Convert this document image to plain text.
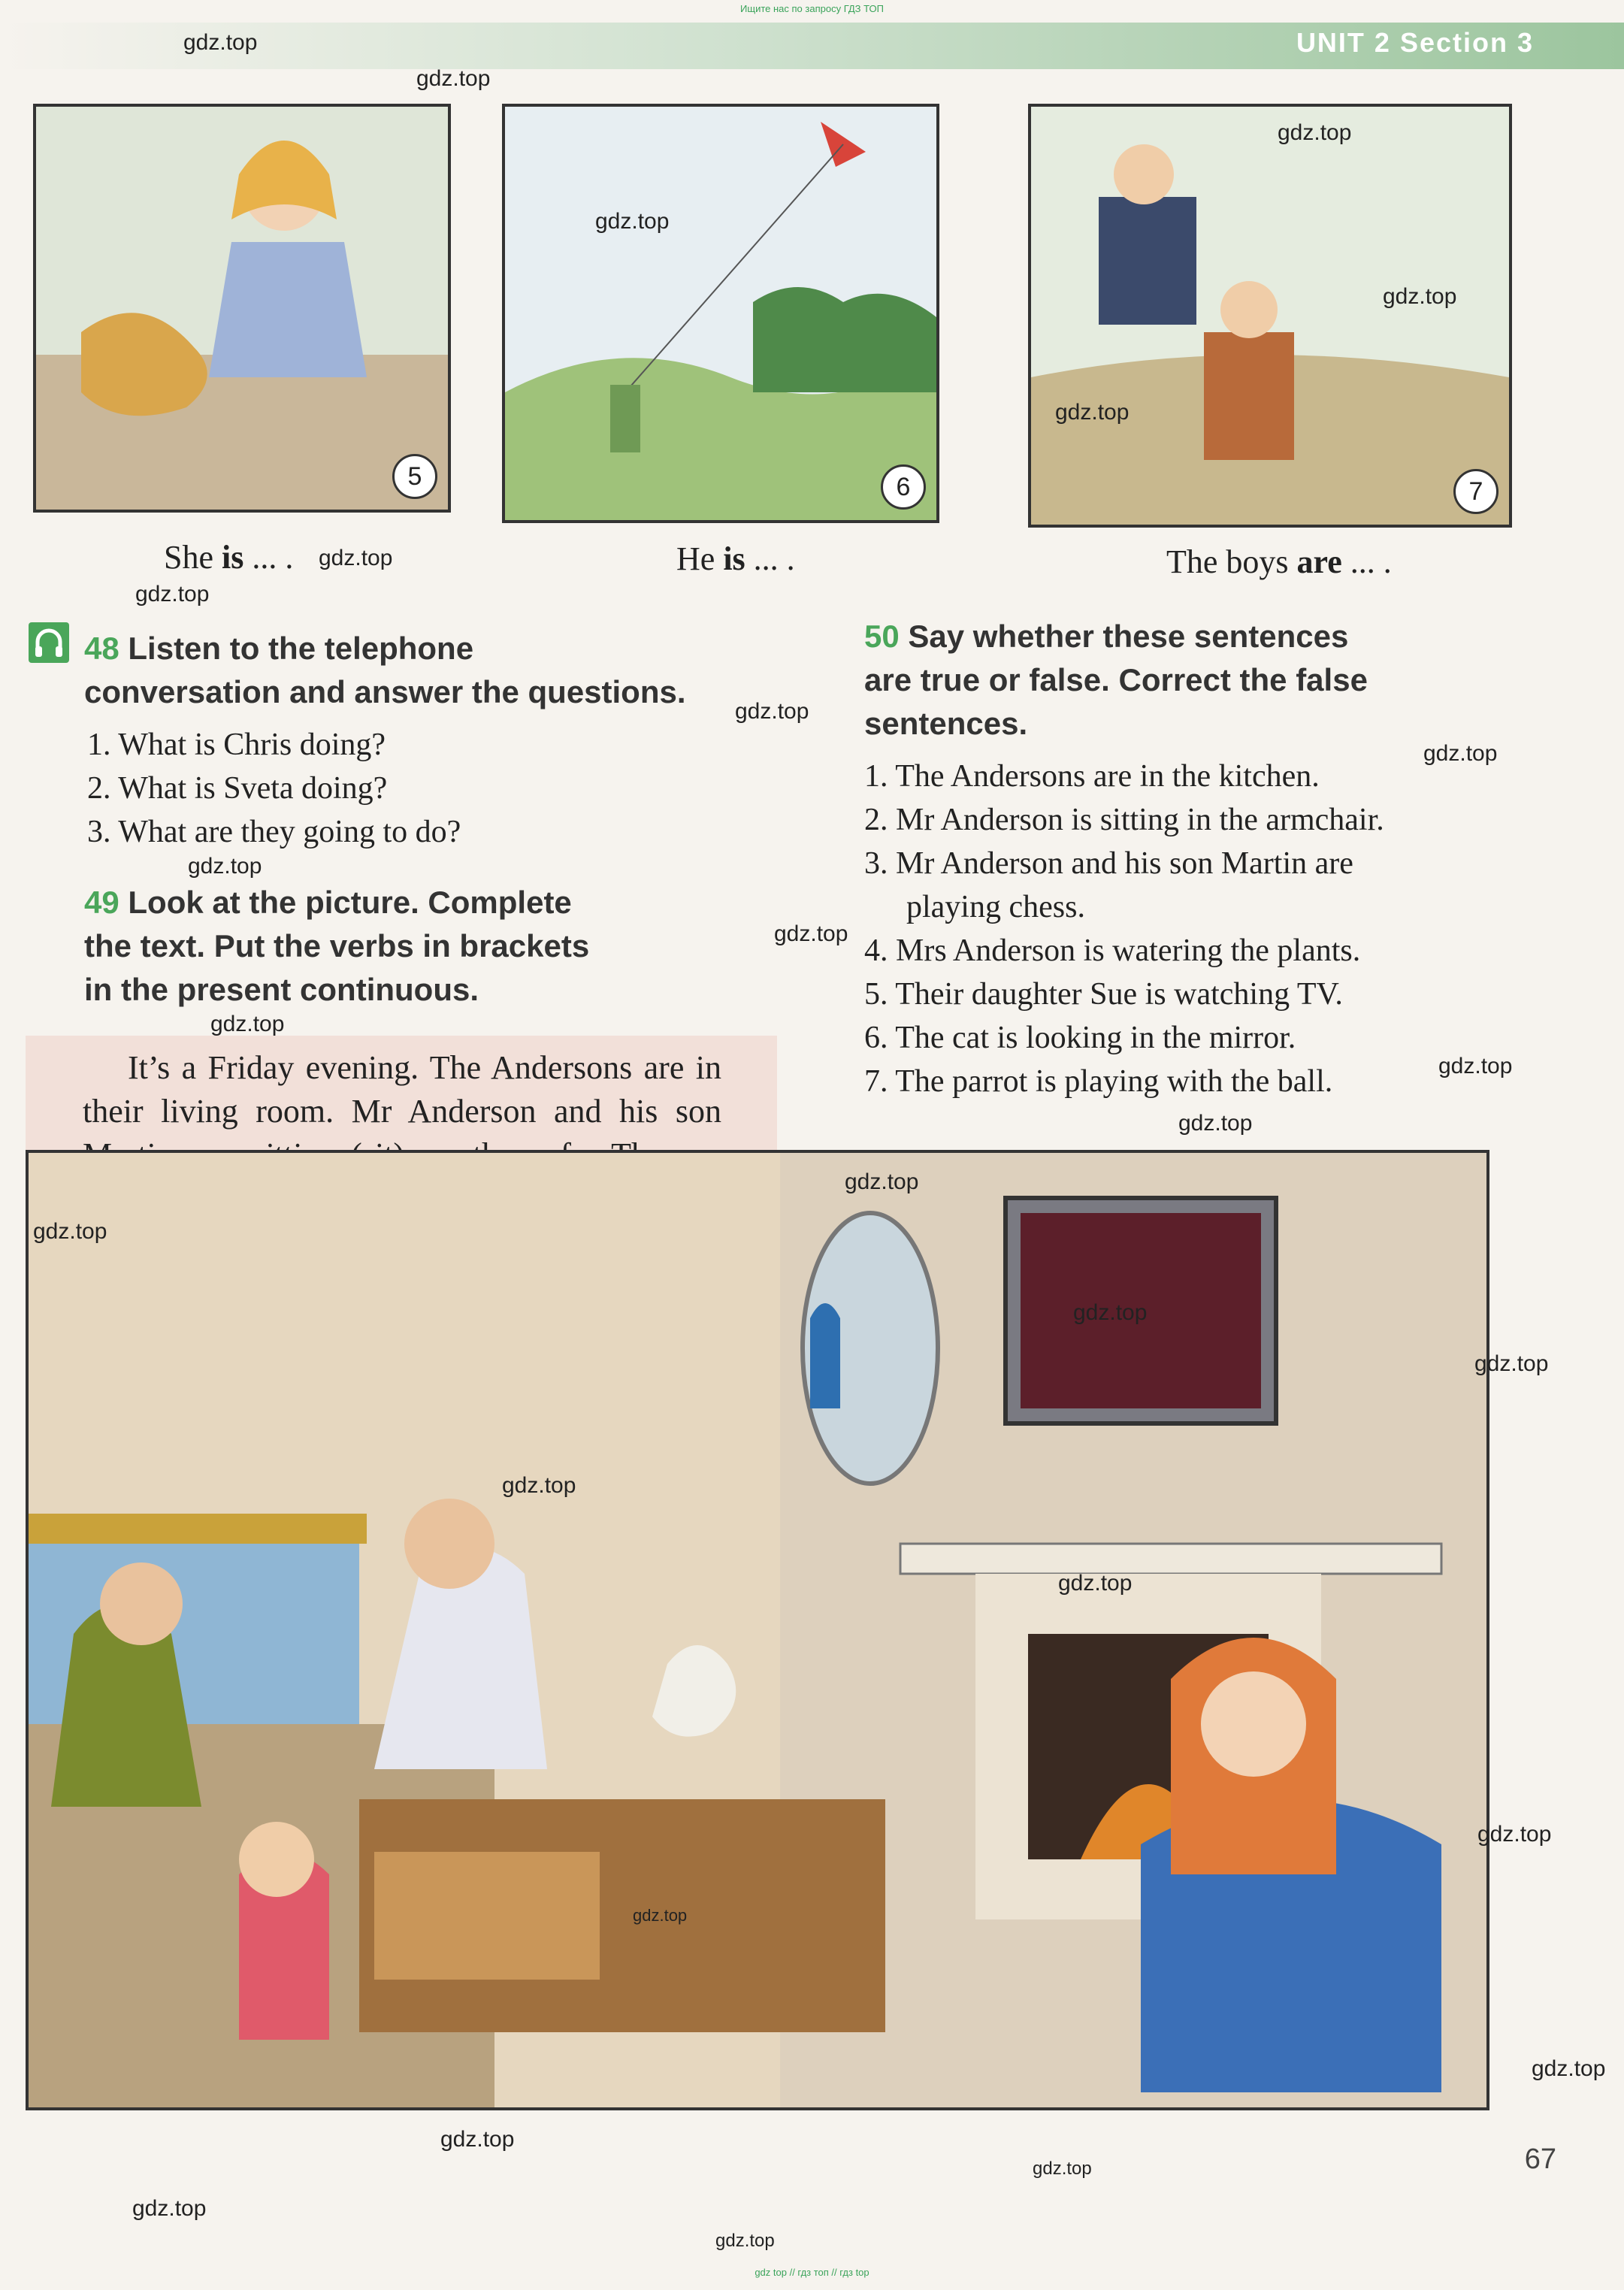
Ищите нас по запросу ГДЗ ТОП
UNIT 2 Section 3
5	6	7
She is ... .	He is ... .	The boys are ... .
48 Listen to the telephone
conversation and answer the questions.
1. What is Chris doing?
2. What is Sveta doing?
3. What are they going to do?
49 Look at the picture. Complete
the text. Put the verbs in brackets
in the present continuous.
It’s a Friday evening. The Andersons are in their living room. Mr Anderson and his son
50 Say whether these sentences
are true or false. Correct the false
sentences.
1. The Andersons are in the kitchen.
2. Mr Anderson is sitting in the armchair.
3. Mr Anderson and his son Martin are
playing chess.
4. Mrs Anderson is watering the plants.
5. Their daughter Sue is watching TV.
6. The cat is looking in the mirror.
7. The parrot is playing with the ball.
gdz.top
gdz.top
gdz.top
gdz.top
gdz.top
gdz.top
gdz.top
gdz.top
gdz.top
gdz.top
gdz.top
gdz.top
gdz.top
gdz.top
gdz.top
gdz.top
gdz.top
gdz.top
gdz.top
gdz.top
gdz.top
gdz.top
gdz.top
gdz.top
gdz.top
gdz.top
gdz.top
gdz.top
67
gdz top // гдз топ // гдз top
